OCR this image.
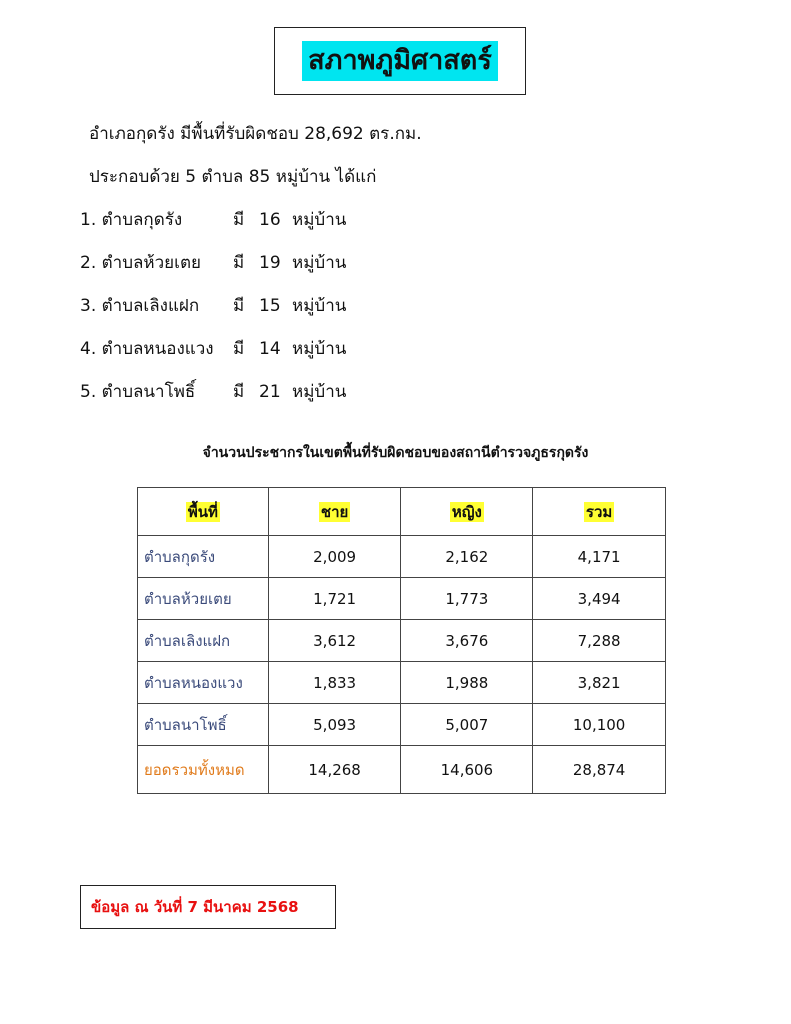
สภาพภูมิศาสตร์
อำเภอกุดรัง มีพื้นที่รับผิดชอบ 28,692 ตร.กม.
ประกอบด้วย 5 ตำบล 85 หมู่บ้าน ได้แก่
1. ตำบลกุดรัง	มี 16 หมู่บ้าน
2. ตำบลห้วยเตย มี 19 หมู่บ้าน
3. ตำบลเลิงแฝก มี 15 หมู่บ้าน
4. ตำบลหนองแวง มี 14 หมู่บ้าน
5. ตำบลนาโพธิ์ มี 21 หมู่บ้าน
จำนวนประชากรในเขตพื้นที่รับผิดชอบของสถานีตำรวจภูธรกุดรัง
พื้นที่	ชาย	หญิง	รวม
ตำบลกุดรัง	2,009	2,162	4,171
ตำบลห้วยเตย	1,721	1,773	3,494
ตำบลเลิงแฝก	3,612	3,676	7,288
ตำบลหนองแวง	1,833	1,988	3,821
ตำบลนาโพธิ์	5,093	5,007	10,100
ยอดรวมทั้งหมด	14,268	14,606	28,874
ข้อมูล ณ วันที่ 7 มีนาคม 2568
